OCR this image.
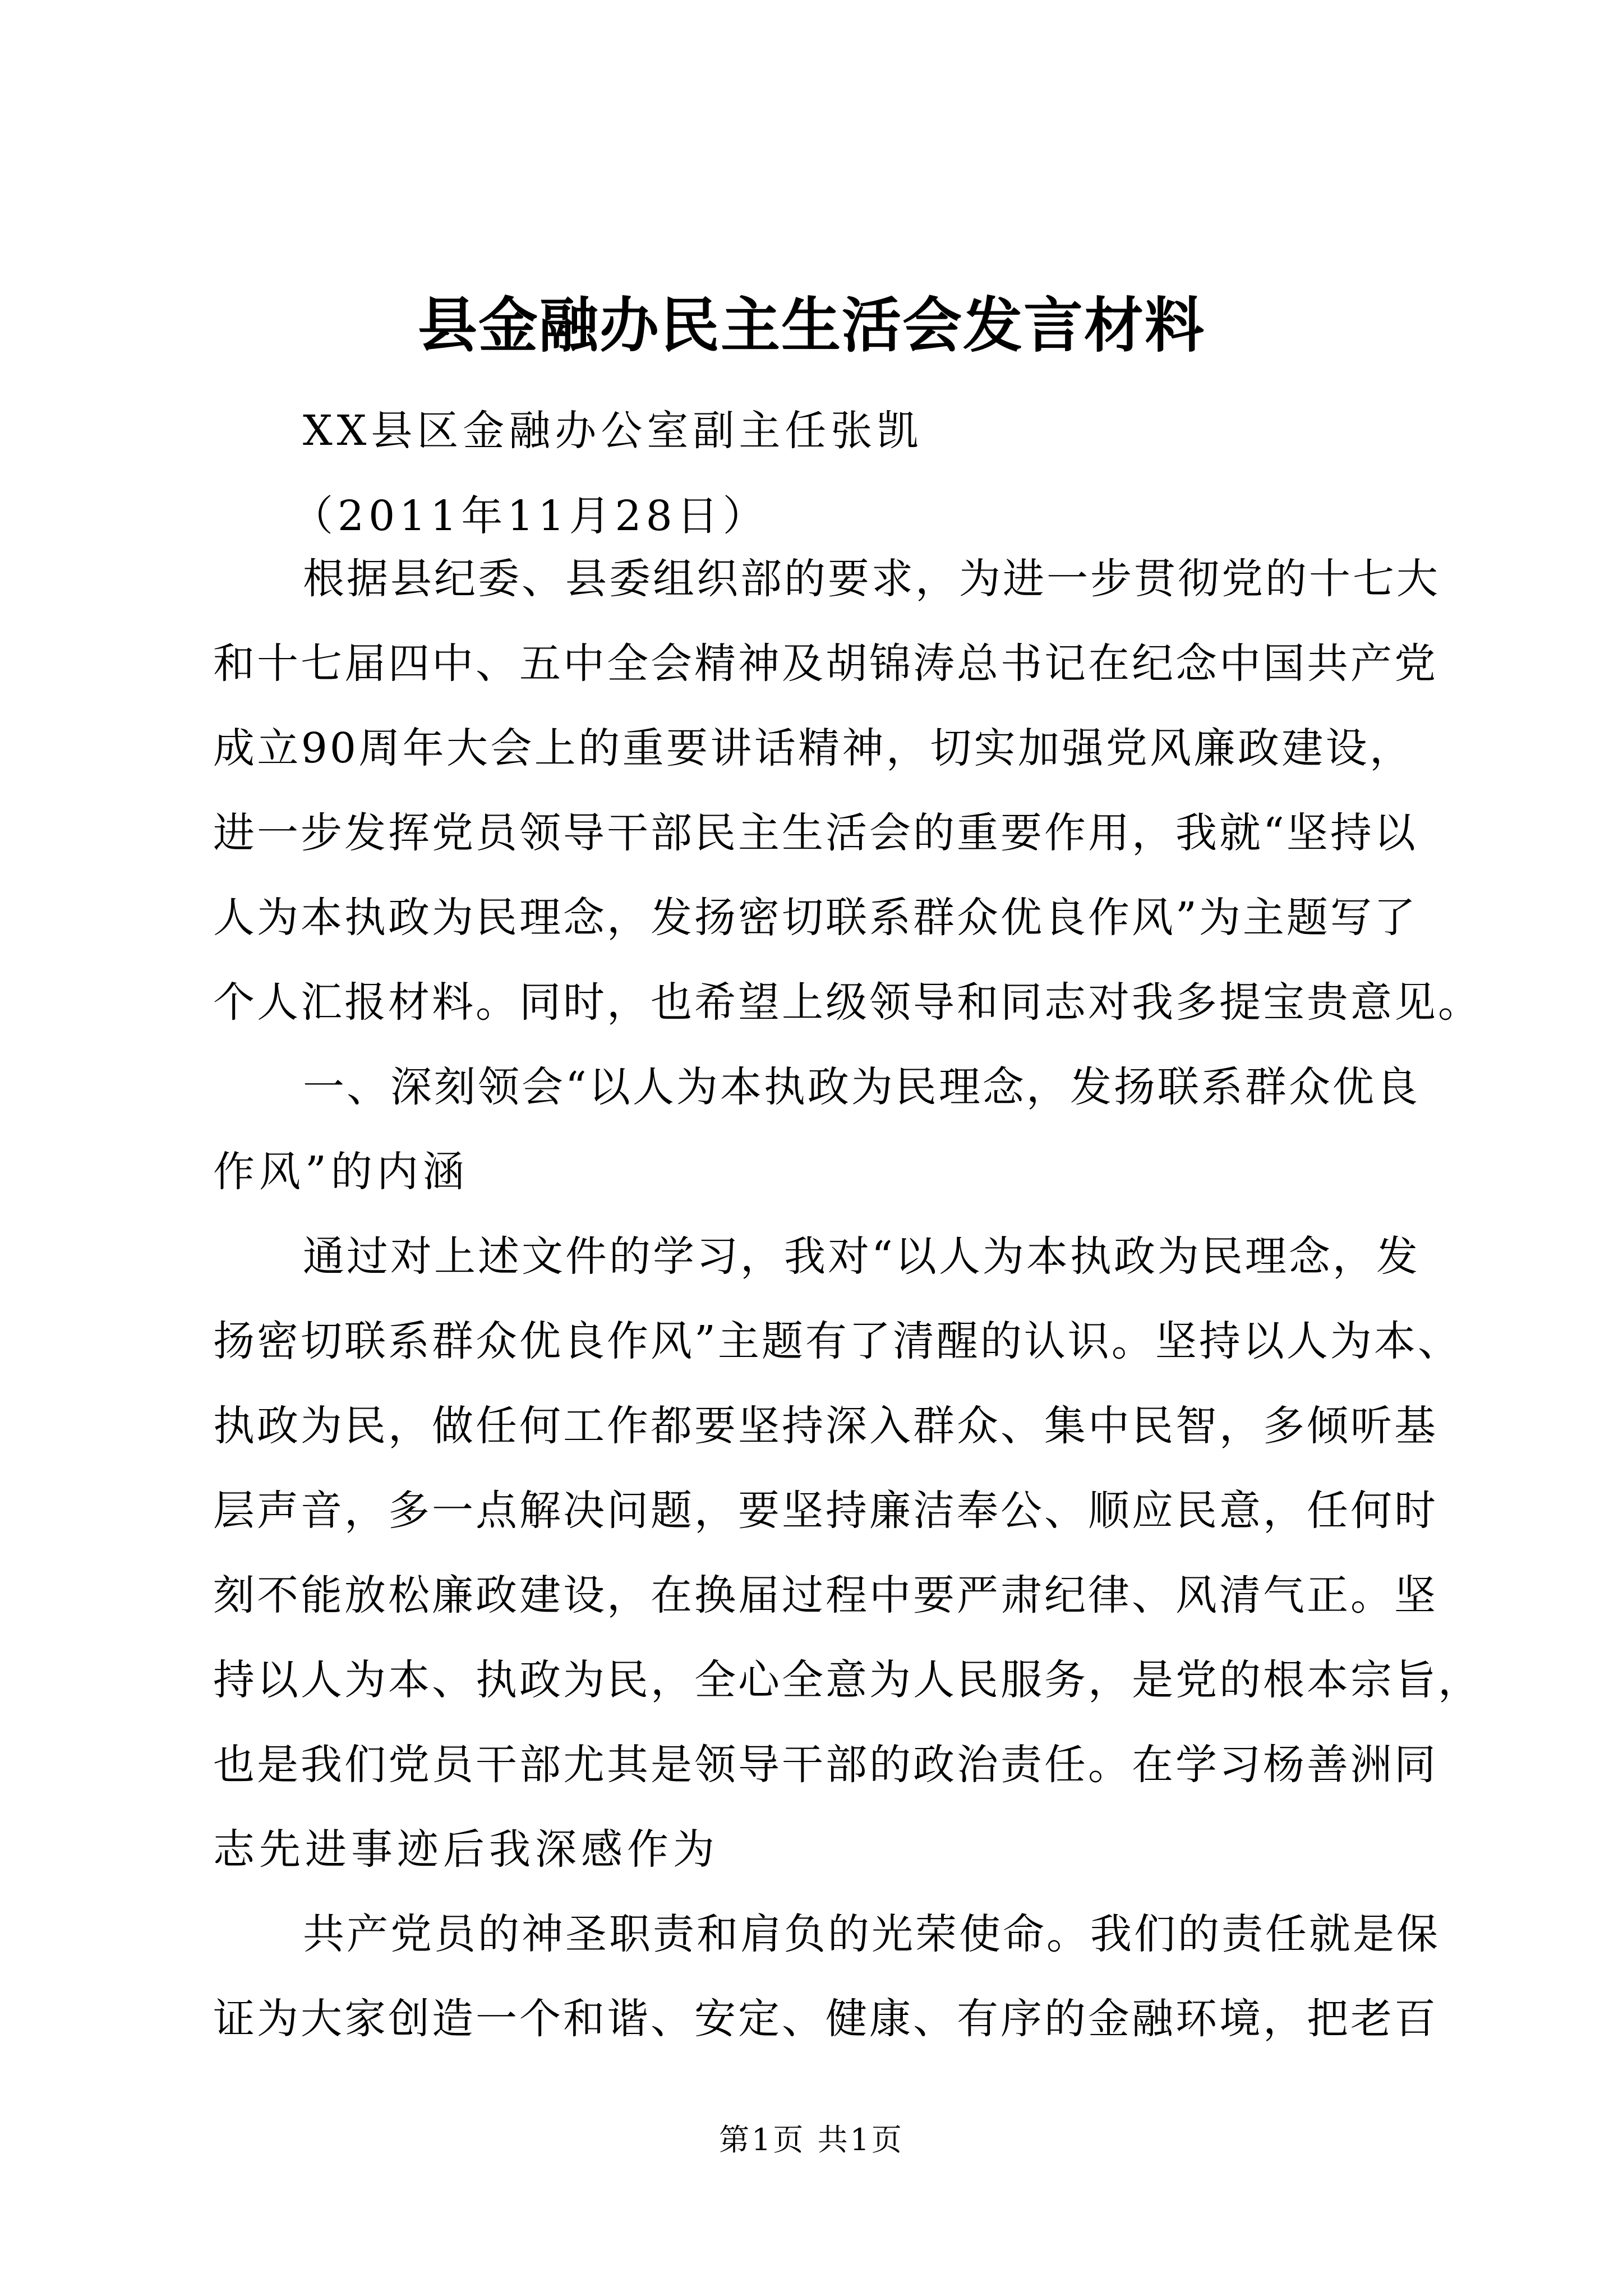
县金融办民主生活会发言材料
XX县区金融办公室副主任张凯
（2011年11月28日）
根据县纪委、县委组织部的要求，为进一步贯彻党的十七大
和十七届四中、五中全会精神及胡锦涛总书记在纪念中国共产党
成立90周年大会上的重要讲话精神，切实加强党风廉政建设，
进一步发挥党员领导干部民主生活会的重要作用，我就“坚持以
人为本执政为民理念，发扬密切联系群众优良作风”为主题写了
个人汇报材料。同时，也希望上级领导和同志对我多提宝贵意见。
一、深刻领会“以人为本执政为民理念，发扬联系群众优良
作风”的内涵
通过对上述文件的学习，我对“以人为本执政为民理念，发
扬密切联系群众优良作风”主题有了清醒的认识。坚持以人为本、
执政为民，做任何工作都要坚持深入群众、集中民智，多倾听基
层声音，多一点解决问题，要坚持廉洁奉公、顺应民意，任何时
刻不能放松廉政建设，在换届过程中要严肃纪律、风清气正。坚
持以人为本、执政为民，全心全意为人民服务，是党的根本宗旨，
也是我们党员干部尤其是领导干部的政治责任。在学习杨善洲同
志先进事迹后我深感作为
共产党员的神圣职责和肩负的光荣使命。我们的责任就是保
证为大家创造一个和谐、安定、健康、有序的金融环境，把老百
第1页 共1页
